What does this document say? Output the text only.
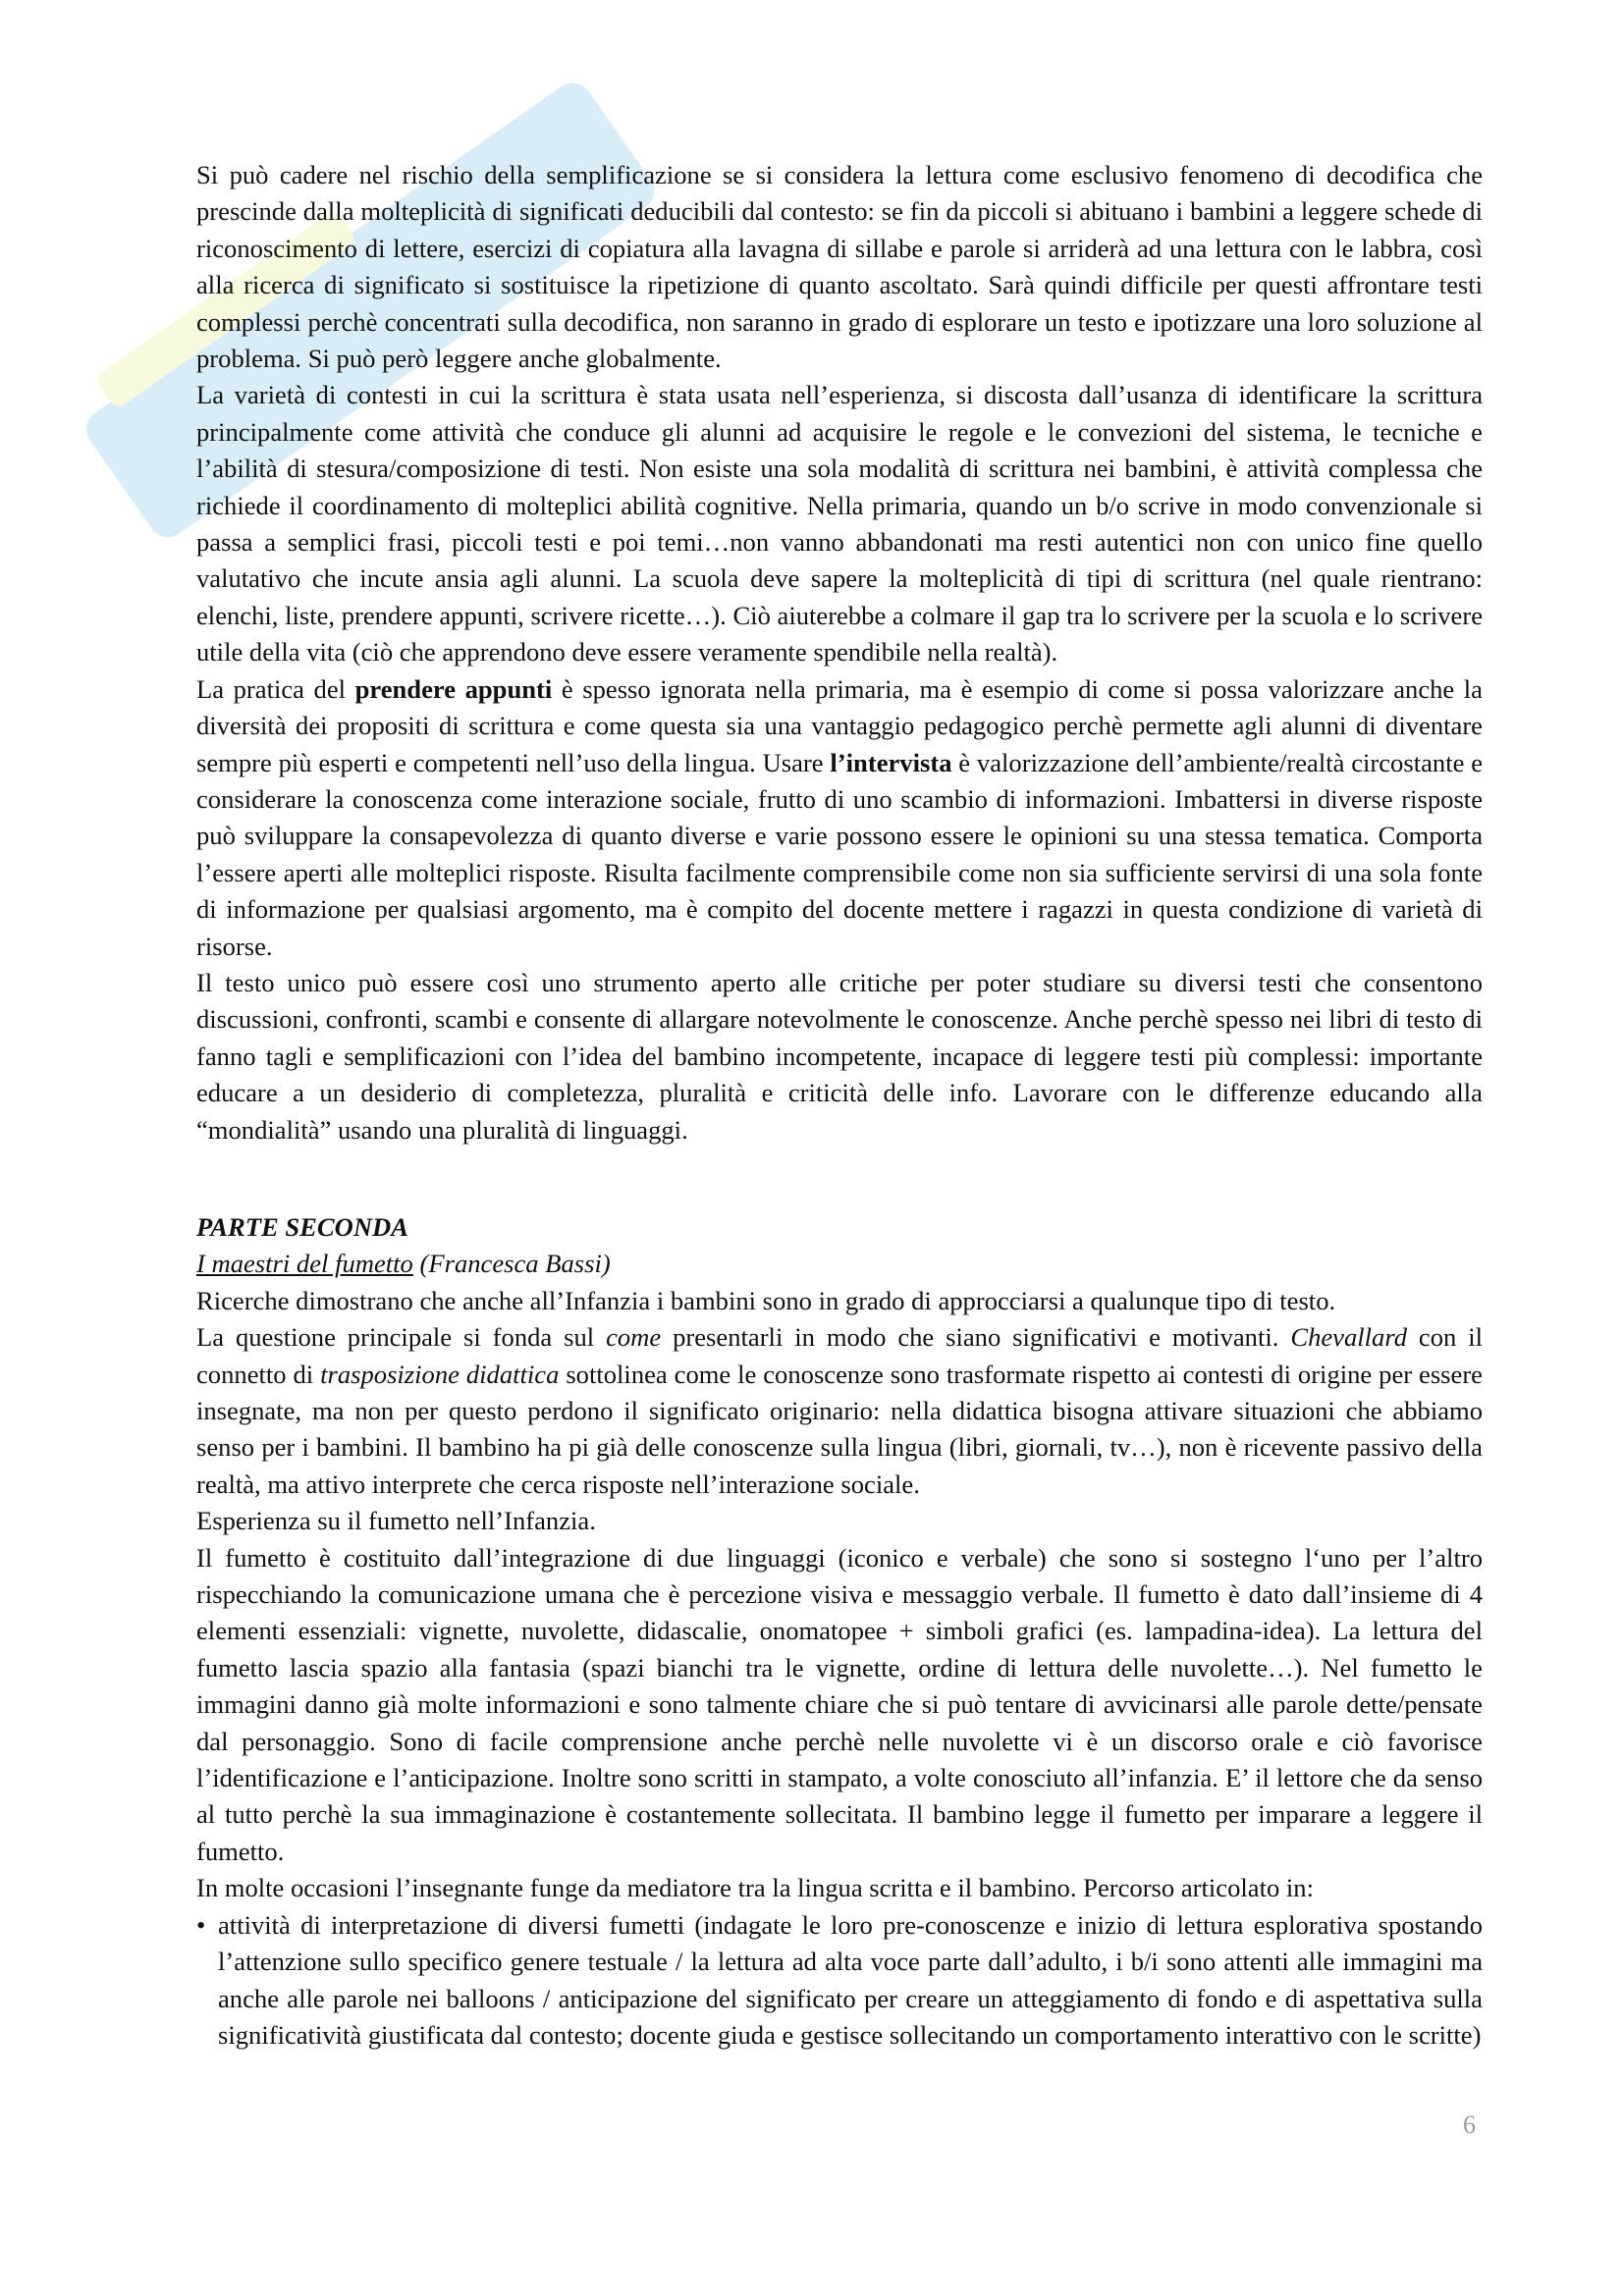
Si può cadere nel rischio della semplificazione se si considera la lettura come esclusivo fenomeno di decodifica che prescinde dalla molteplicità di significati deducibili dal contesto: se fin da piccoli si abituano i bambini a leggere schede di riconoscimento di lettere, esercizi di copiatura alla lavagna di sillabe e parole si arriderà ad una lettura con le labbra, così alla ricerca di significato si sostituisce la ripetizione di quanto ascoltato. Sarà quindi difficile per questi affrontare testi complessi perchè concentrati sulla decodifica, non saranno in grado di esplorare un testo e ipotizzare una loro soluzione al problema. Si può però leggere anche globalmente.

La varietà di contesti in cui la scrittura è stata usata nell’esperienza, si discosta dall’usanza di identificare la scrittura principalmente come attività che conduce gli alunni ad acquisire le regole e le convezioni del sistema, le tecniche e l’abilità di stesura/composizione di testi. Non esiste una sola modalità di scrittura nei bambini, è attività complessa che richiede il coordinamento di molteplici abilità cognitive. Nella primaria, quando un b/o scrive in modo convenzionale si passa a semplici frasi, piccoli testi e poi temi…non vanno abbandonati ma resti autentici non con unico fine quello valutativo che incute ansia agli alunni. La scuola deve sapere la molteplicità di tipi di scrittura (nel quale rientrano: elenchi, liste, prendere appunti, scrivere ricette…). Ciò aiuterebbe a colmare il gap tra lo scrivere per la scuola e lo scrivere utile della vita (ciò che apprendono deve essere veramente spendibile nella realtà).

La pratica del prendere appunti è spesso ignorata nella primaria, ma è esempio di come si possa valorizzare anche la diversità dei propositi di scrittura e come questa sia una vantaggio pedagogico perchè permette agli alunni di diventare sempre più esperti e competenti nell’uso della lingua. Usare l’intervista è valorizzazione dell’ambiente/realtà circostante e considerare la conoscenza come interazione sociale, frutto di uno scambio di informazioni. Imbattersi in diverse risposte può sviluppare la consapevolezza di quanto diverse e varie possono essere le opinioni su una stessa tematica. Comporta l’essere aperti alle molteplici risposte. Risulta facilmente comprensibile come non sia sufficiente servirsi di una sola fonte di informazione per qualsiasi argomento, ma è compito del docente mettere i ragazzi in questa condizione di varietà di risorse.

Il testo unico può essere così uno strumento aperto alle critiche per poter studiare su diversi testi che consentono discussioni, confronti, scambi e consente di allargare notevolmente le conoscenze. Anche perchè spesso nei libri di testo di fanno tagli e semplificazioni con l’idea del bambino incompetente, incapace di leggere testi più complessi: importante educare a un desiderio di completezza, pluralità e criticità delle info. Lavorare con le differenze educando alla “mondialità” usando una pluralità di linguaggi.

PARTE SECONDA

I maestri del fumetto (Francesca Bassi)

Ricerche dimostrano che anche all’Infanzia i bambini sono in grado di approcciarsi a qualunque tipo di testo.

La questione principale si fonda sul come presentarli in modo che siano significativi e motivanti. Chevallard con il connetto di trasposizione didattica sottolinea come le conoscenze sono trasformate rispetto ai contesti di origine per essere insegnate, ma non per questo perdono il significato originario: nella didattica bisogna attivare situazioni che abbiamo senso per i bambini. Il bambino ha pi già delle conoscenze sulla lingua (libri, giornali, tv…), non è ricevente passivo della realtà, ma attivo interprete che cerca risposte nell’interazione sociale.

Esperienza su il fumetto nell’Infanzia.

Il fumetto è costituito dall’integrazione di due linguaggi (iconico e verbale) che sono si sostegno l‘uno per l’altro rispecchiando la comunicazione umana che è percezione visiva e messaggio verbale. Il fumetto è dato dall’insieme di 4 elementi essenziali: vignette, nuvolette, didascalie, onomatopee + simboli grafici (es. lampadina-idea). La lettura del fumetto lascia spazio alla fantasia (spazi bianchi tra le vignette, ordine di lettura delle nuvolette…). Nel fumetto le immagini danno già molte informazioni e sono talmente chiare che si può tentare di avvicinarsi alle parole dette/pensate dal personaggio. Sono di facile comprensione anche perchè nelle nuvolette vi è un discorso orale e ciò favorisce l’identificazione e l’anticipazione. Inoltre sono scritti in stampato, a volte conosciuto all’infanzia. E’ il lettore che da senso al tutto perchè la sua immaginazione è costantemente sollecitata. Il bambino legge il fumetto per imparare a leggere il fumetto.

In molte occasioni l’insegnante funge da mediatore tra la lingua scritta e il bambino. Percorso articolato in:

• attività di interpretazione di diversi fumetti (indagate le loro pre-conoscenze e inizio di lettura esplorativa spostando l’attenzione sullo specifico genere testuale / la lettura ad alta voce parte dall’adulto, i b/i sono attenti alle immagini ma anche alle parole nei balloons / anticipazione del significato per creare un atteggiamento di fondo e di aspettativa sulla significatività giustificata dal contesto; docente giuda e gestisce sollecitando un comportamento interattivo con le scritte)
6
